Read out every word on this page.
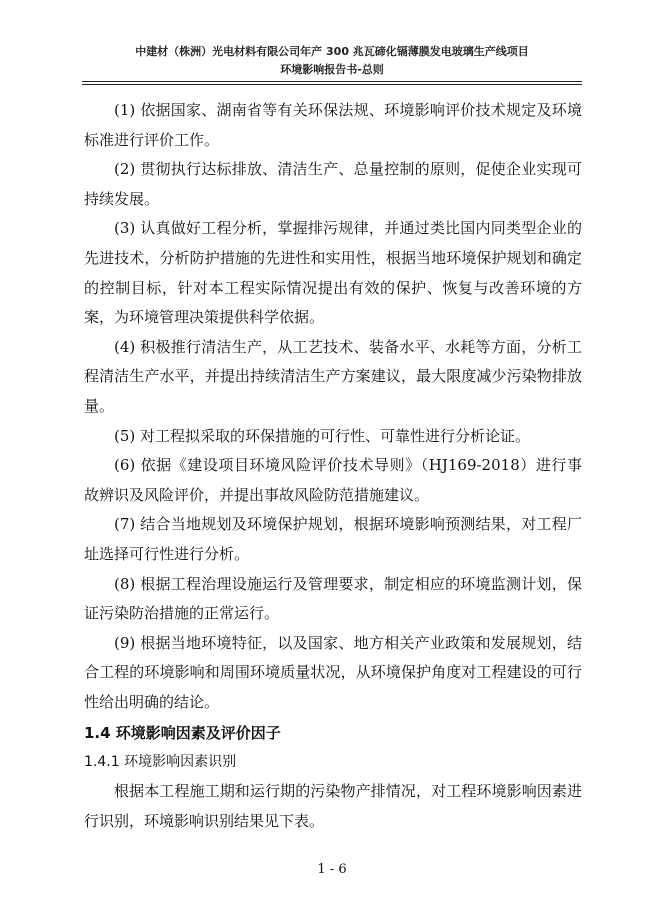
中建材（株洲）光电材料有限公司年产 300 兆瓦碲化镉薄膜发电玻璃生产线项目
环境影响报告书-总则

(1) 依据国家、湖南省等有关环保法规、环境影响评价技术规定及环境标准进行评价工作。

(2) 贯彻执行达标排放、清洁生产、总量控制的原则，促使企业实现可持续发展。

(3) 认真做好工程分析，掌握排污规律，并通过类比国内同类型企业的先进技术，分析防护措施的先进性和实用性，根据当地环境保护规划和确定的控制目标，针对本工程实际情况提出有效的保护、恢复与改善环境的方案，为环境管理决策提供科学依据。

(4) 积极推行清洁生产，从工艺技术、装备水平、水耗等方面，分析工程清洁生产水平，并提出持续清洁生产方案建议，最大限度减少污染物排放量。

(5) 对工程拟采取的环保措施的可行性、可靠性进行分析论证。

(6) 依据《建设项目环境风险评价技术导则》（HJ169-2018）进行事故辨识及风险评价，并提出事故风险防范措施建议。

(7) 结合当地规划及环境保护规划，根据环境影响预测结果，对工程厂址选择可行性进行分析。

(8) 根据工程治理设施运行及管理要求，制定相应的环境监测计划，保证污染防治措施的正常运行。

(9) 根据当地环境特征，以及国家、地方相关产业政策和发展规划，结合工程的环境影响和周围环境质量状况，从环境保护角度对工程建设的可行性给出明确的结论。

1.4 环境影响因素及评价因子
1.4.1 环境影响因素识别

根据本工程施工期和运行期的污染物产排情况，对工程环境影响因素进行识别，环境影响识别结果见下表。

1 - 6
